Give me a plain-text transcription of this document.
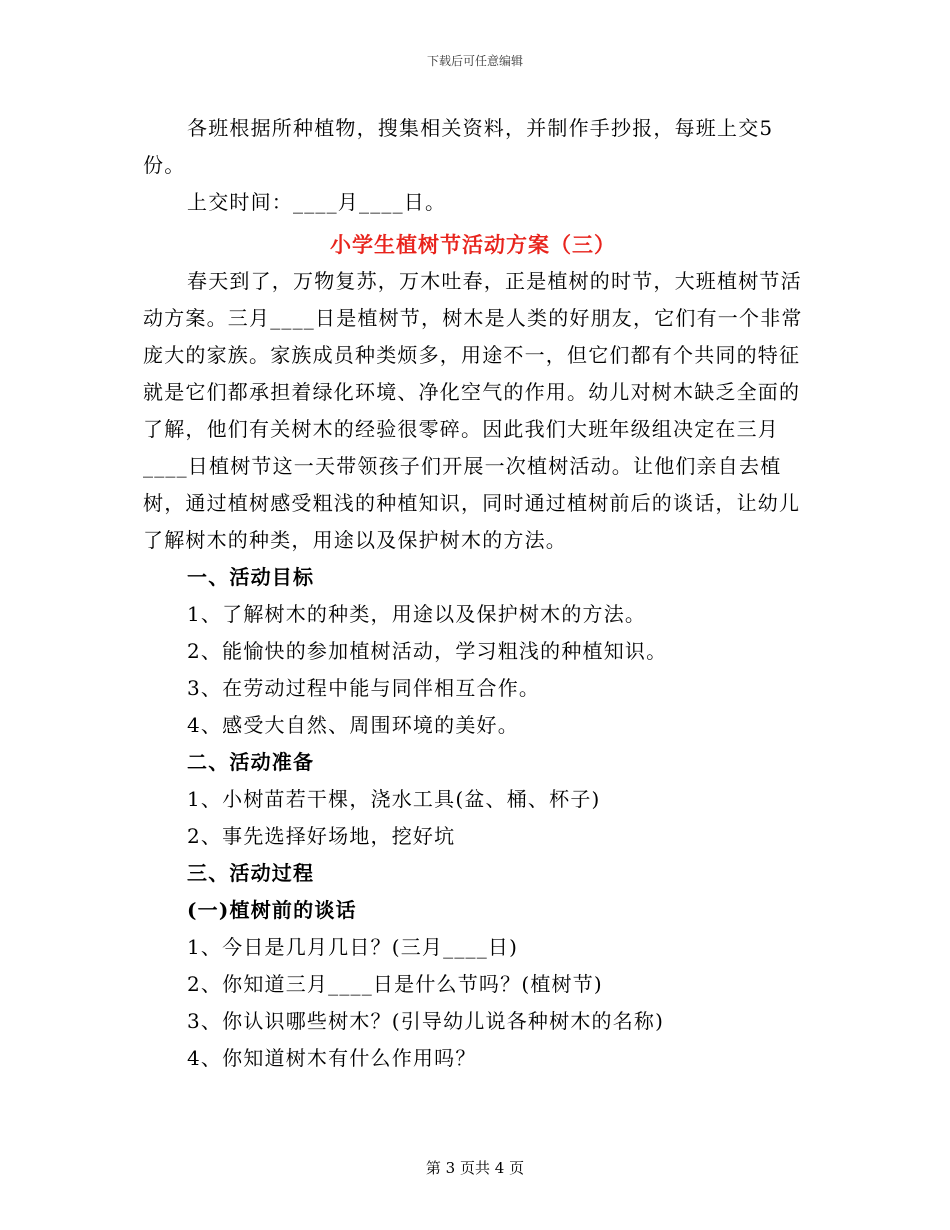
下载后可任意编辑

各班根据所种植物，搜集相关资料，并制作手抄报，每班上交5份。

上交时间：____月____日。

小学生植树节活动方案（三）

春天到了，万物复苏，万木吐春，正是植树的时节，大班植树节活动方案。三月____日是植树节，树木是人类的好朋友，它们有一个非常庞大的家族。家族成员种类烦多，用途不一，但它们都有个共同的特征就是它们都承担着绿化环境、净化空气的作用。幼儿对树木缺乏全面的了解，他们有关树木的经验很零碎。因此我们大班年级组决定在三月____日植树节这一天带领孩子们开展一次植树活动。让他们亲自去植树，通过植树感受粗浅的种植知识，同时通过植树前后的谈话，让幼儿了解树木的种类，用途以及保护树木的方法。

一、活动目标

1、了解树木的种类，用途以及保护树木的方法。

2、能愉快的参加植树活动，学习粗浅的种植知识。

3、在劳动过程中能与同伴相互合作。

4、感受大自然、周围环境的美好。

二、活动准备

1、小树苗若干棵，浇水工具(盆、桶、杯子)

2、事先选择好场地，挖好坑

三、活动过程

(一)植树前的谈话

1、今日是几月几日？(三月____日)

2、你知道三月____日是什么节吗？(植树节)

3、你认识哪些树木？(引导幼儿说各种树木的名称)

4、你知道树木有什么作用吗？

第 3 页共 4 页
